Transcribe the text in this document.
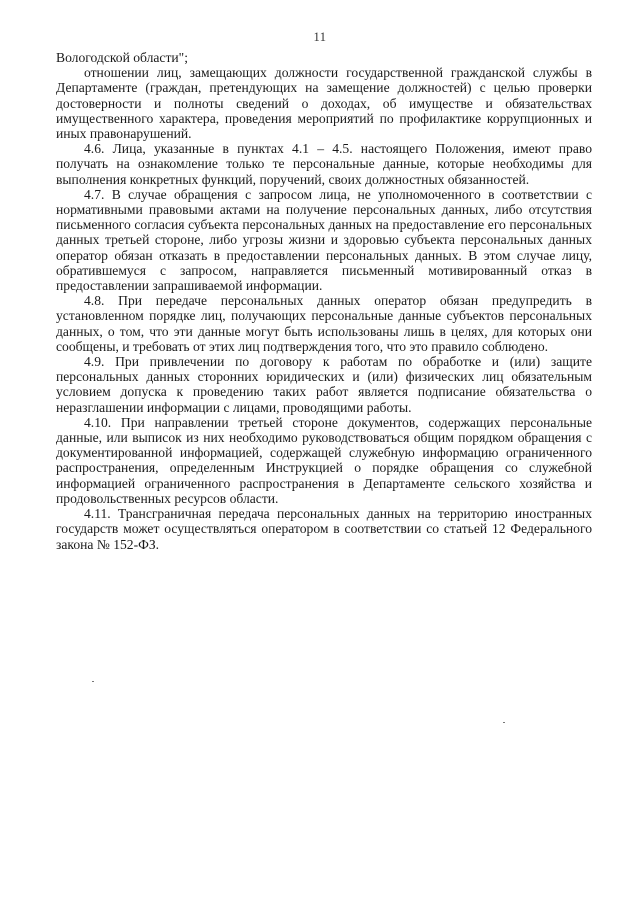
11

Вологодской области";

отношении лиц, замещающих должности государственной гражданской службы в Департаменте (граждан, претендующих на замещение должностей) с целью проверки достоверности и полноты сведений о доходах, об имуществе и обязательствах имущественного характера, проведения мероприятий по профилактике коррупционных и иных правонарушений.

4.6. Лица, указанные в пунктах 4.1 – 4.5. настоящего Положения, имеют право получать на ознакомление только те персональные данные, которые необходимы для выполнения конкретных функций, поручений, своих должностных обязанностей.

4.7. В случае обращения с запросом лица, не уполномоченного в соответствии с нормативными правовыми актами на получение персональных данных, либо отсутствия письменного согласия субъекта персональных данных на предоставление его персональных данных третьей стороне, либо угрозы жизни и здоровью субъекта персональных данных оператор обязан отказать в предоставлении персональных данных. В этом случае лицу, обратившемуся с запросом, направляется письменный мотивированный отказ в предоставлении запрашиваемой информации.

4.8. При передаче персональных данных оператор обязан предупредить в установленном порядке лиц, получающих персональные данные субъектов персональных данных, о том, что эти данные могут быть использованы лишь в целях, для которых они сообщены, и требовать от этих лиц подтверждения того, что это правило соблюдено.

4.9. При привлечении по договору к работам по обработке и (или) защите персональных данных сторонних юридических и (или) физических лиц обязательным условием допуска к проведению таких работ является подписание обязательства о неразглашении информации с лицами, проводящими работы.

4.10. При направлении третьей стороне документов, содержащих персональные данные, или выписок из них необходимо руководствоваться общим порядком обращения с документированной информацией, содержащей служебную информацию ограниченного распространения, определенным Инструкцией о порядке обращения со служебной информацией ограниченного распространения в Департаменте сельского хозяйства и продовольственных ресурсов области.

4.11. Трансграничная передача персональных данных на территорию иностранных государств может осуществляться оператором в соответствии со статьей 12 Федерального закона № 152-ФЗ.
